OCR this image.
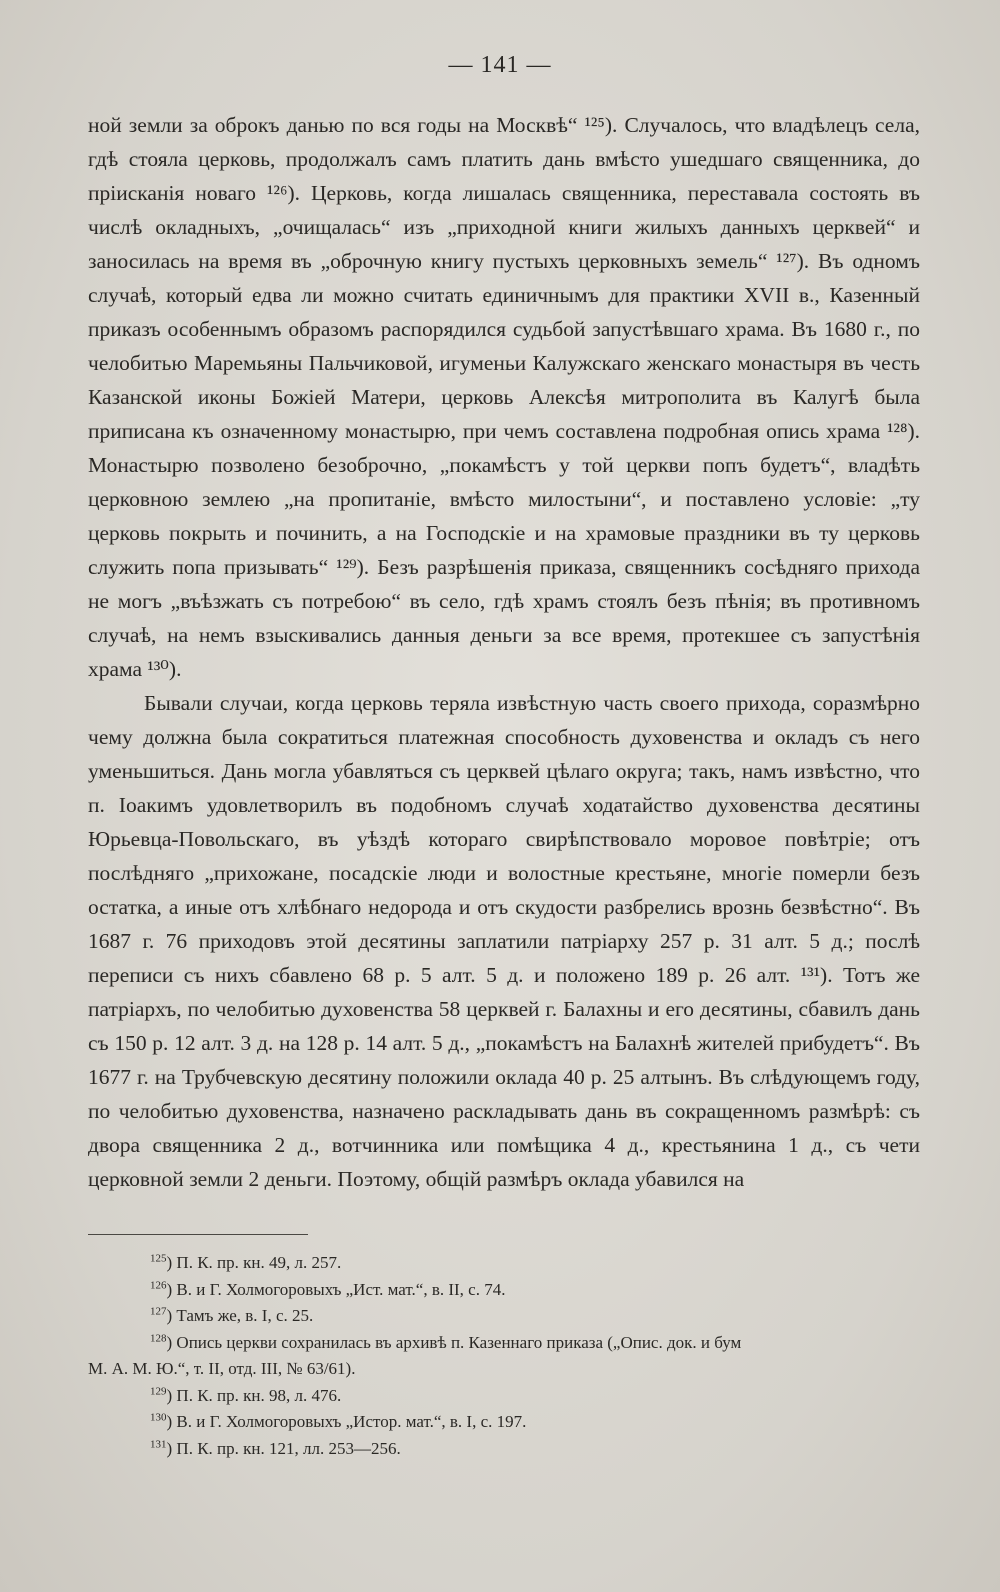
— 141 —

ной земли за оброкъ данью по вся годы на Москвѣ“ ¹²⁵). Случалось, что владѣлецъ села, гдѣ стояла церковь, продолжалъ самъ платить дань вмѣсто ушедшаго священника, до прiисканiя новаго ¹²⁶). Церковь, когда лишалась священника, переставала состоять въ числѣ окладныхъ, „очищалась“ изъ „приходной книги жилыхъ данныхъ церквей“ и заносилась на время въ „оброчную книгу пустыхъ церковныхъ земель“ ¹²⁷). Въ одномъ случаѣ, который едва ли можно считать единичнымъ для практики XVII в., Казенный приказъ особеннымъ образомъ распорядился судьбой запустѣвшаго храма. Въ 1680 г., по челобитью Марeмьяны Пальчиковой, игуменьи Калужскаго женскаго монастыря въ честь Казанской иконы Божiей Матери, церковь Алексѣя митрополита въ Калугѣ была приписана къ означенному монастырю, при чемъ составлена подробная опись храма ¹²⁸). Монастырю позволено безоброчно, „покамѣстъ у той церкви попъ будетъ“, владѣть церковною землею „на пропитанiе, вмѣсто милостыни“, и поставлено условiе: „ту церковь покрыть и починить, а на Господскiе и на храмовые праздники въ ту церковь служить попа призывать“ ¹²⁹). Безъ разрѣшенiя приказа, священникъ сосѣдняго прихода не могъ „въѣзжать съ потребою“ въ село, гдѣ храмъ стоялъ безъ пѣнiя; въ противномъ случаѣ, на немъ взыскивались данныя деньги за все время, протекшее съ запустѣнiя храма ¹³⁰).

Бывали случаи, когда церковь теряла извѣстную часть своего прихода, соразмѣрно чему должна была сократиться платежная способность духовенства и окладъ съ него уменьшиться. Дань могла убавляться съ церквей цѣлаго округа; такъ, намъ извѣстно, что п. Iоакимъ удовлетворилъ въ подобномъ случаѣ ходатайство духовенства десятины Юрьевца-Повольскаго, въ уѣздѣ котораго свирѣпствовало моровое повѣтрiе; отъ послѣдняго „прихожане, посадскiе люди и волостные крестьяне, многiе померли безъ остатка, а иные отъ хлѣбнаго недорода и отъ скудости разбрелись врознь безвѣстно“. Въ 1687 г. 76 приходовъ этой десятины заплатили патрiарху 257 р. 31 алт. 5 д.; послѣ переписи съ нихъ сбавлено 68 р. 5 алт. 5 д. и положено 189 р. 26 алт. ¹³¹). Тотъ же патрiархъ, по челобитью духовенства 58 церквей г. Балахны и его десятины, сбавилъ дань съ 150 р. 12 алт. 3 д. на 128 р. 14 алт. 5 д., „покамѣстъ на Балахнѣ жителей прибудетъ“. Въ 1677 г. на Трубчевскую десятину положили оклада 40 р. 25 алтынъ. Въ слѣдующемъ году, по челобитью духовенства, назначено раскладывать дань въ сокращенномъ размѣрѣ: съ двора священника 2 д., вотчинника или помѣщика 4 д., крестьянина 1 д., съ чети церковной земли 2 деньги. Поэтому, общiй размѣръ оклада убавился на

$^{125}$) П. К. пр. кн. 49, л. 257.

$^{126}$) В. и Г. Холмогоровыхъ „Ист. мат.“, в. II, с. 74.

$^{127}$) Тамъ же, в. I, с. 25.

$^{128}$) Опись церкви сохранилась въ архивѣ п. Казеннаго приказа („Опис. док. и бум

М. А. М. Ю.“, т. II, отд. III, № 63/61).

$^{129}$) П. К. пр. кн. 98, л. 476.

$^{130}$) В. и Г. Холмогоровыхъ „Истор. мат.“, в. I, с. 197.

$^{131}$) П. К. пр. кн. 121, лл. 253—256.
